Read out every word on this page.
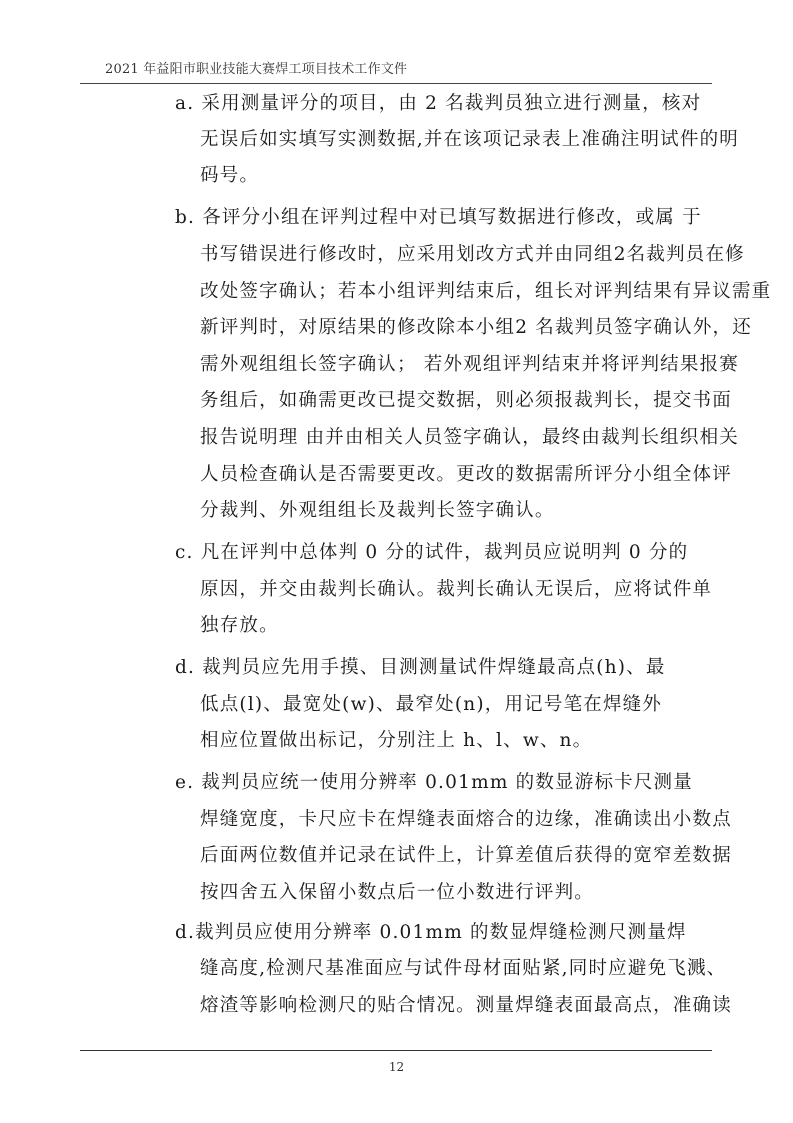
2021 年益阳市职业技能大赛焊工项目技术工作文件
a. 采用测量评分的项目，由 2 名裁判员独立进行测量，核对
无误后如实填写实测数据,并在该项记录表上准确注明试件的明
码号。
b. 各评分小组在评判过程中对已填写数据进行修改，或属 于
书写错误进行修改时，应采用划改方式并由同组2名裁判员在修
改处签字确认；若本小组评判结束后，组长对评判结果有异议需重
新评判时，对原结果的修改除本小组2 名裁判员签字确认外，还
需外观组组长签字确认； 若外观组评判结束并将评判结果报赛
务组后，如确需更改已提交数据，则必须报裁判长，提交书面
报告说明理 由并由相关人员签字确认，最终由裁判长组织相关
人员检查确认是否需要更改。更改的数据需所评分小组全体评
分裁判、外观组组长及裁判长签字确认。
c. 凡在评判中总体判 0 分的试件，裁判员应说明判 0 分的
原因，并交由裁判长确认。裁判长确认无误后，应将试件单
独存放。
d. 裁判员应先用手摸、目测测量试件焊缝最高点(h)、最
低点(l)、最宽处(w)、最窄处(n)，用记号笔在焊缝外
相应位置做出标记，分别注上 h、l、w、n。
e. 裁判员应统一使用分辨率 0.01mm 的数显游标卡尺测量
焊缝宽度，卡尺应卡在焊缝表面熔合的边缘，准确读出小数点
后面两位数值并记录在试件上，计算差值后获得的宽窄差数据
按四舍五入保留小数点后一位小数进行评判。
d.裁判员应使用分辨率 0.01mm 的数显焊缝检测尺测量焊
缝高度,检测尺基准面应与试件母材面贴紧,同时应避免飞溅、
熔渣等影响检测尺的贴合情况。测量焊缝表面最高点，准确读
12
